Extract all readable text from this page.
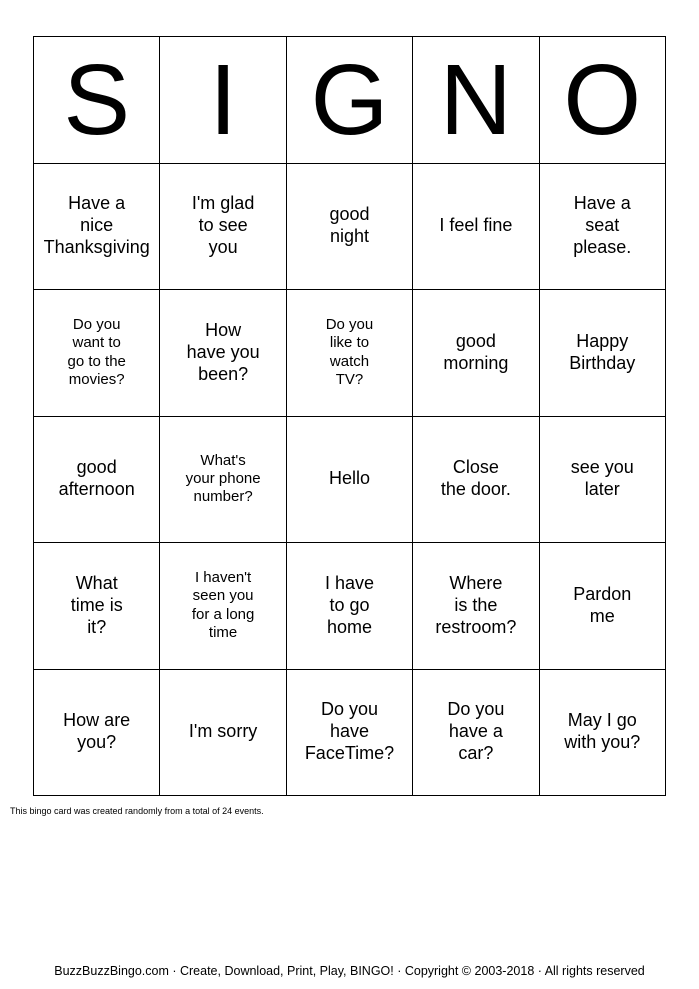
S I G N O
Have a
nice
Thanksgiving
I'm glad
to see
you
good
night
I feel fine
Have a
seat
please.
Do you
want to
go to the
movies?
How
have you
been?
Do you
like to
watch
TV?
good
morning
Happy
Birthday
good
afternoon
What's
your phone
number?
Hello
Close
the door.
see you
later
What
time is
it?
I haven't
seen you
for a long
time
I have
to go
home
Where
is the
restroom?
Pardon
me
How are
you?
I'm sorry
Do you
have
FaceTime?
Do you
have a
car?
May I go
with you?
This bingo card was created randomly from a total of 24 events.
BuzzBuzzBingo.com · Create, Download, Print, Play, BINGO! · Copyright © 2003-2018 · All rights reserved
